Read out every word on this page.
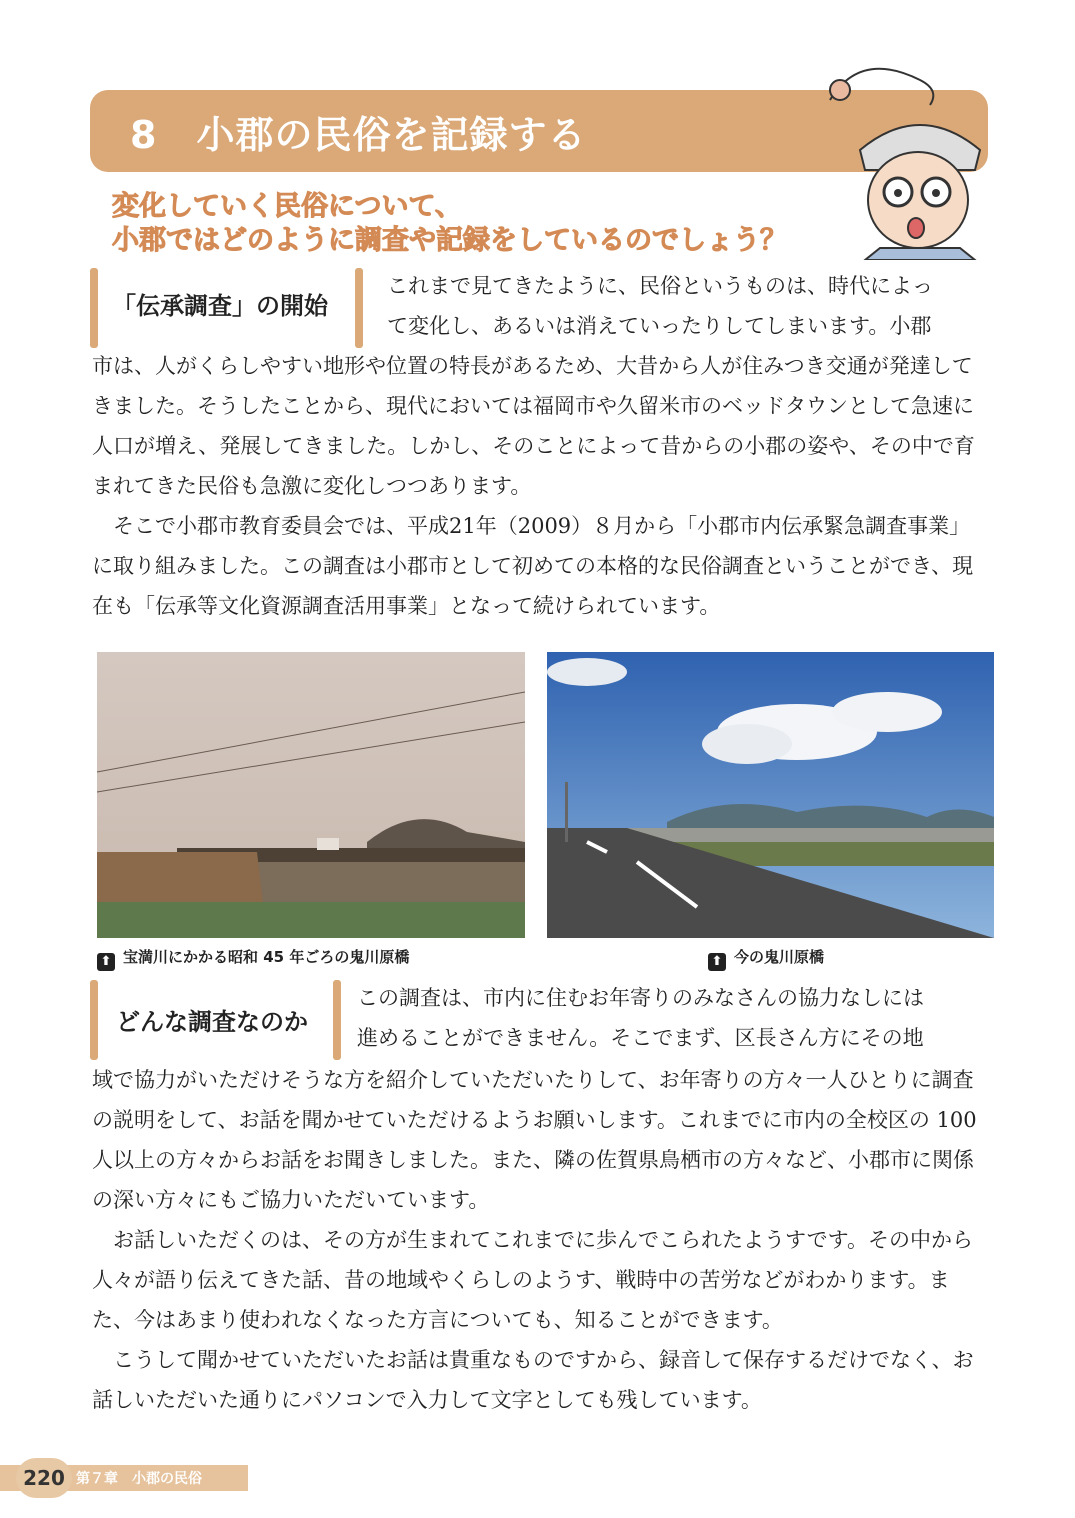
8　小郡の民俗を記録する
変化していく民俗について、
小郡ではどのように調査や記録をしているのでしょう？
「伝承調査」の開始

これまで見てきたように、民俗というものは、時代によっ

て変化し、あるいは消えていったりしてしまいます。小郡

市は、人がくらしやすい地形や位置の特長があるため、大昔から人が住みつき交通が発達してきました。そうしたことから、現代においては福岡市や久留米市のベッドタウンとして急速に人口が増え、発展してきました。しかし、そのことによって昔からの小郡の姿や、その中で育まれてきた民俗も急激に変化しつつあります。

そこで小郡市教育委員会では、平成21年（2009）８月から「小郡市内伝承緊急調査事業」に取り組みました。この調査は小郡市として初めての本格的な民俗調査ということができ、現在も「伝承等文化資源調査活用事業」となって続けられています。

⬆ 宝満川にかかる昭和 45 年ごろの鬼川原橋	⬆ 今の鬼川原橋
どんな調査なのか

この調査は、市内に住むお年寄りのみなさんの協力なしには

進めることができません。そこでまず、区長さん方にその地

域で協力がいただけそうな方を紹介していただいたりして、お年寄りの方々一人ひとりに調査の説明をして、お話を聞かせていただけるようお願いします。これまでに市内の全校区の 100 人以上の方々からお話をお聞きしました。また、隣の佐賀県鳥栖市の方々など、小郡市に関係の深い方々にもご協力いただいています。

お話しいただくのは、その方が生まれてこれまでに歩んでこられたようすです。その中から人々が語り伝えてきた話、昔の地域やくらしのようす、戦時中の苦労などがわかります。また、今はあまり使われなくなった方言についても、知ることができます。

こうして聞かせていただいたお話は貴重なものですから、録音して保存するだけでなく、お話しいただいた通りにパソコンで入力して文字としても残しています。

220 第７章　小郡の民俗
